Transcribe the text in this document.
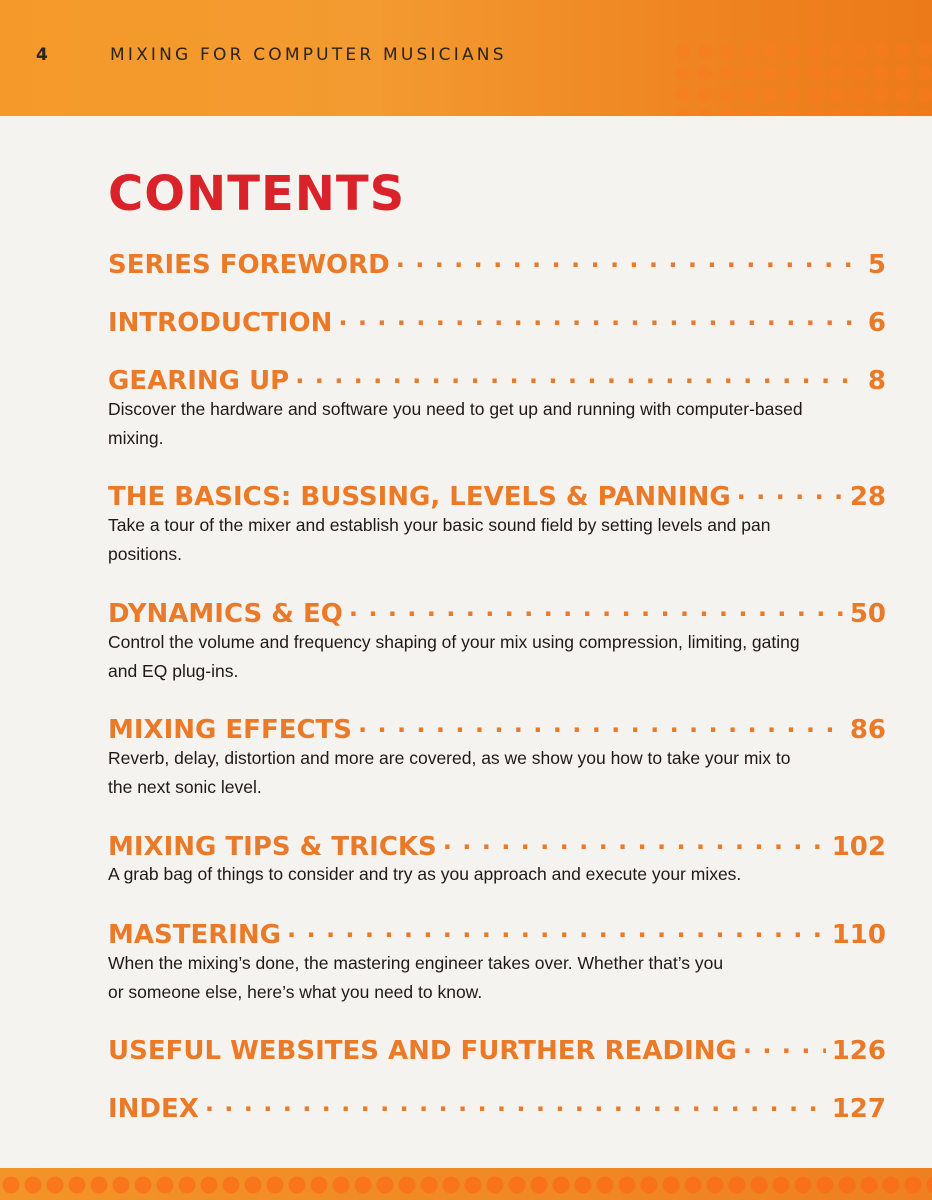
4	MIXING FOR COMPUTER MUSICIANS
CONTENTS
SERIES FOREWORD . . .	5
INTRODUCTION . . .	6
GEARING UP . . .	8

Discover the hardware and software you need to get up and running with computer-based mixing.

THE BASICS: BUSSING, LEVELS & PANNING . . .	28

Take a tour of the mixer and establish your basic sound field by setting levels and pan positions.

DYNAMICS & EQ . . .	50

Control the volume and frequency shaping of your mix using compression, limiting, gating and EQ plug-ins.

MIXING EFFECTS . . .	86

Reverb, delay, distortion and more are covered, as we show you how to take your mix to the next sonic level.

MIXING TIPS & TRICKS . . .	102

A grab bag of things to consider and try as you approach and execute your mixes.

MASTERING . . .	110

When the mixing’s done, the mastering engineer takes over. Whether that’s you or someone else, here’s what you need to know.

USEFUL WEBSITES AND FURTHER READING . . .	126
INDEX . . .	127
